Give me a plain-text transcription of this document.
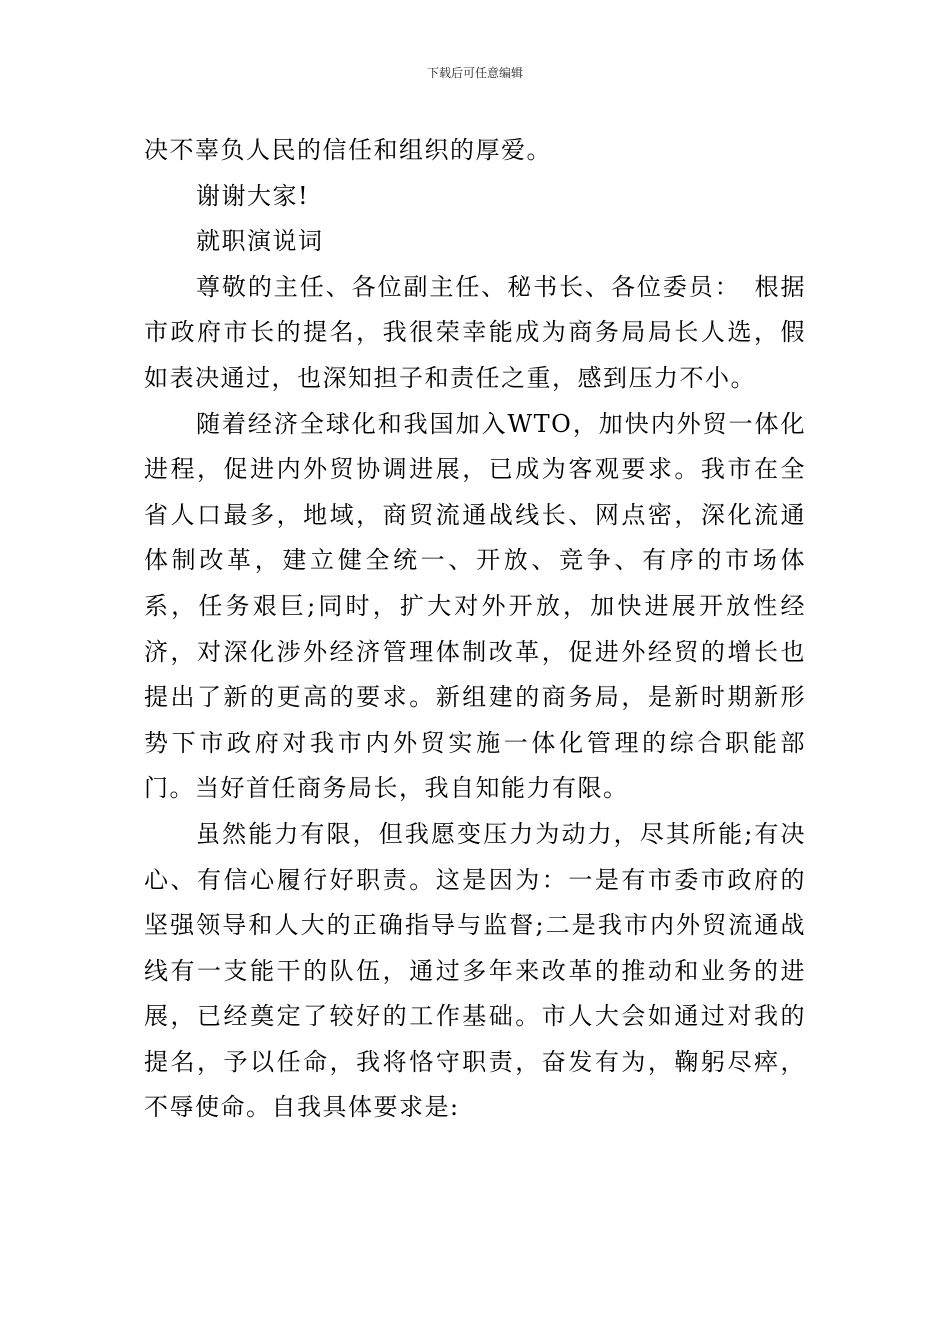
下载后可任意编辑

决不辜负人民的信任和组织的厚爱。

谢谢大家!

就职演说词

尊敬的主任、各位副主任、秘书长、各位委员：　根据市政府市长的提名，我很荣幸能成为商务局局长人选，假如表决通过，也深知担子和责任之重，感到压力不小。

随着经济全球化和我国加入WTO，加快内外贸一体化进程，促进内外贸协调进展，已成为客观要求。我市在全省人口最多，地域，商贸流通战线长、网点密，深化流通体制改革，建立健全统一、开放、竞争、有序的市场体系，任务艰巨;同时，扩大对外开放，加快进展开放性经济，对深化涉外经济管理体制改革，促进外经贸的增长也提出了新的更高的要求。新组建的商务局，是新时期新形势下市政府对我市内外贸实施一体化管理的综合职能部门。当好首任商务局长，我自知能力有限。

虽然能力有限，但我愿变压力为动力，尽其所能;有决心、有信心履行好职责。这是因为：一是有市委市政府的坚强领导和人大的正确指导与监督;二是我市内外贸流通战线有一支能干的队伍，通过多年来改革的推动和业务的进展，已经奠定了较好的工作基础。市人大会如通过对我的提名，予以任命，我将恪守职责，奋发有为，鞠躬尽瘁，不辱使命。自我具体要求是:
